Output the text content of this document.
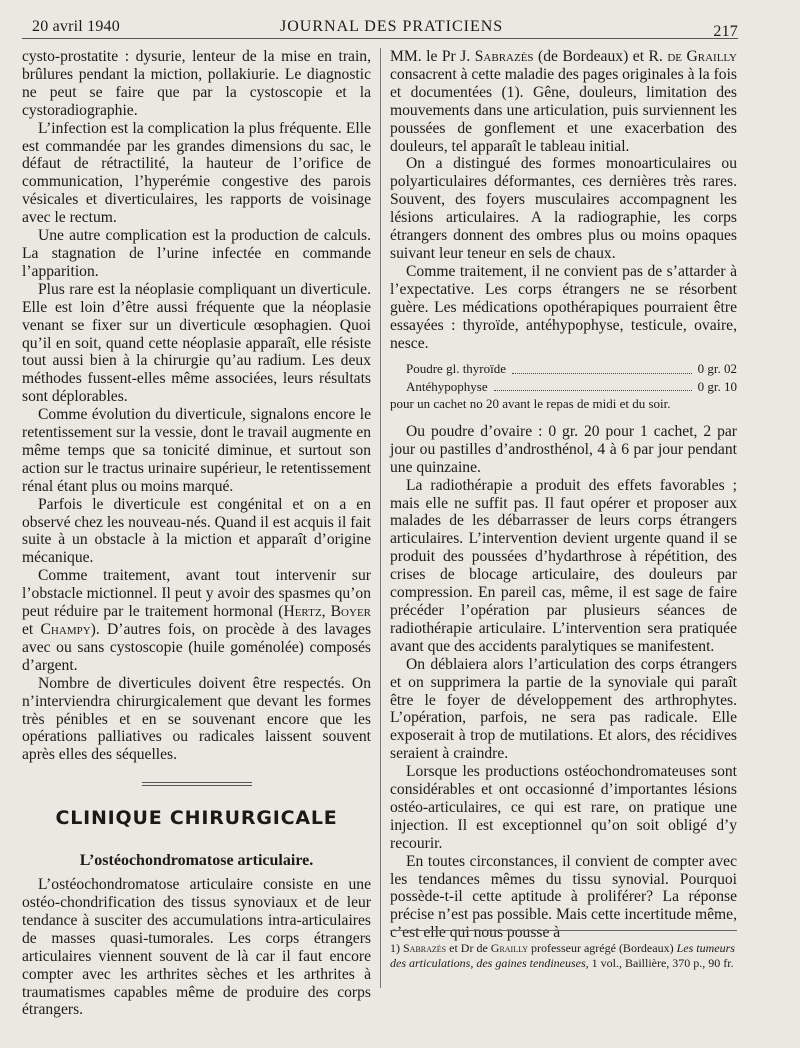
20 avril 1940	JOURNAL DES PRATICIENS	217

cysto-prostatite : dysurie, lenteur de la mise en train, brûlures pendant la miction, pollakiurie. Le diagnostic ne peut se faire que par la cystoscopie et la cystoradiographie.

L’infection est la complication la plus fréquente. Elle est commandée par les grandes dimensions du sac, le défaut de rétractilité, la hauteur de l’orifice de communication, l’hyperémie congestive des parois vésicales et diverticulaires, les rapports de voisinage avec le rectum.

Une autre complication est la production de calculs. La stagnation de l’urine infectée en commande l’apparition.

Plus rare est la néoplasie compliquant un diverticule. Elle est loin d’être aussi fréquente que la néoplasie venant se fixer sur un diverticule œsophagien. Quoi qu’il en soit, quand cette néoplasie apparaît, elle résiste tout aussi bien à la chirurgie qu’au radium. Les deux méthodes fussent-elles même associées, leurs résultats sont déplorables.

Comme évolution du diverticule, signalons encore le retentissement sur la vessie, dont le travail augmente en même temps que sa tonicité diminue, et surtout son action sur le tractus urinaire supérieur, le retentissement rénal étant plus ou moins marqué.

Parfois le diverticule est congénital et on a en observé chez les nouveau-nés. Quand il est acquis il fait suite à un obstacle à la miction et apparaît d’origine mécanique.

Comme traitement, avant tout intervenir sur l’obstacle mictionnel. Il peut y avoir des spasmes qu’on peut réduire par le traitement hormonal (Hertz, Boyer et Champy). D’autres fois, on procède à des lavages avec ou sans cystoscopie (huile goménolée) composés d’argent.

Nombre de diverticules doivent être respectés. On n’interviendra chirurgicalement que devant les formes très pénibles et en se souvenant encore que les opérations palliatives ou radicales laissent souvent après elles des séquelles.

CLINIQUE CHIRURGICALE
L’ostéochondromatose articulaire.

L’ostéochondromatose articulaire consiste en une ostéo-chondrification des tissus synoviaux et de leur tendance à susciter des accumulations intra-articulaires de masses quasi-tumorales. Les corps étrangers articulaires viennent souvent de là car il faut encore compter avec les arthrites sèches et les arthrites à traumatismes capables même de produire des corps étrangers.

MM. le Pr J. Sabrazès (de Bordeaux) et R. de Grailly consacrent à cette maladie des pages originales à la fois et documentées (1). Gêne, douleurs, limitation des mouvements dans une articulation, puis surviennent les poussées de gonflement et une exacerbation des douleurs, tel apparaît le tableau initial.

On a distingué des formes monoarticulaires ou polyarticulaires déformantes, ces dernières très rares. Souvent, des foyers musculaires accompagnent les lésions articulaires. A la radiographie, les corps étrangers donnent des ombres plus ou moins opaques suivant leur teneur en sels de chaux.

Comme traitement, il ne convient pas de s’attarder à l’expectative. Les corps étrangers ne se résorbent guère. Les médications opothérapiques pourraient être essayées : thyroïde, antéhypophyse, testicule, ovaire, nesce.

Poudre gl. thyroïde	0 gr. 02
Antéhypophyse	0 gr. 10
pour un cachet no 20 avant le repas de midi et du soir.

Ou poudre d’ovaire : 0 gr. 20 pour 1 cachet, 2 par jour ou pastilles d’androsthénol, 4 à 6 par jour pendant une quinzaine.

La radiothérapie a produit des effets favorables ; mais elle ne suffit pas. Il faut opérer et proposer aux malades de les débarrasser de leurs corps étrangers articulaires. L’intervention devient urgente quand il se produit des poussées d’hydarthrose à répétition, des crises de blocage articulaire, des douleurs par compression. En pareil cas, même, il est sage de faire précéder l’opération par plusieurs séances de radiothérapie articulaire. L’intervention sera pratiquée avant que des accidents paralytiques se manifestent.

On déblaiera alors l’articulation des corps étrangers et on supprimera la partie de la synoviale qui paraît être le foyer de développement des arthrophytes. L’opération, parfois, ne sera pas radicale. Elle exposerait à trop de mutilations. Et alors, des récidives seraient à craindre.

Lorsque les productions ostéochondromateuses sont considérables et ont occasionné d’importantes lésions ostéo-articulaires, ce qui est rare, on pratique une injection. Il est exceptionnel qu’on soit obligé d’y recourir.

En toutes circonstances, il convient de compter avec les tendances mêmes du tissu synovial. Pourquoi possède-t-il cette aptitude à proliférer? La réponse précise n’est pas possible. Mais cette incertitude même, c’est elle qui nous pousse à

1) Sabrazès et Dr de Grailly professeur agrégé (Bordeaux) Les tumeurs des articulations, des gaines tendineuses, 1 vol., Baillière, 370 p., 90 fr.
